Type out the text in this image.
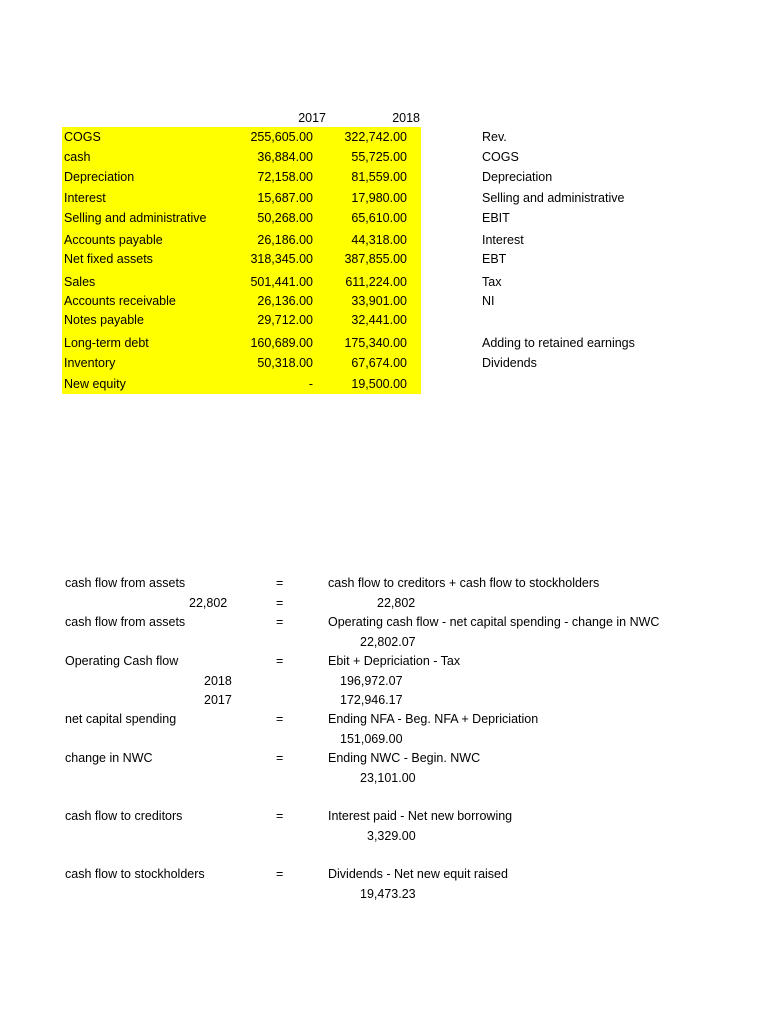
2017	2018
COGS	255,605.00	322,742.00
cash	36,884.00	55,725.00
Depreciation	72,158.00	81,559.00
Interest	15,687.00	17,980.00
Selling and administrative	50,268.00	65,610.00
Accounts payable	26,186.00	44,318.00
Net fixed assets	318,345.00	387,855.00
Sales	501,441.00	611,224.00
Accounts receivable	26,136.00	33,901.00
Notes payable	29,712.00	32,441.00
Long-term debt	160,689.00	175,340.00
Inventory	50,318.00	67,674.00
New equity	-	19,500.00
Rev.
COGS
Depreciation
Selling and administrative
EBIT
Interest
EBT
Tax
NI
Adding to retained earnings
Dividends
cash flow from assets	=	cash flow to creditors + cash flow to stockholders
22,802	=	22,802
cash flow from assets	=	Operating cash flow - net capital spending - change in NWC
22,802.07
Operating Cash flow	=	Ebit + Depriciation - Tax
2018	196,972.07
2017	172,946.17
net capital spending	=	Ending NFA - Beg. NFA + Depriciation
151,069.00
change in NWC	=	Ending NWC - Begin. NWC
23,101.00
cash flow to creditors	=	Interest paid - Net new borrowing
3,329.00
cash flow to stockholders	=	Dividends - Net new equit raised
19,473.23
